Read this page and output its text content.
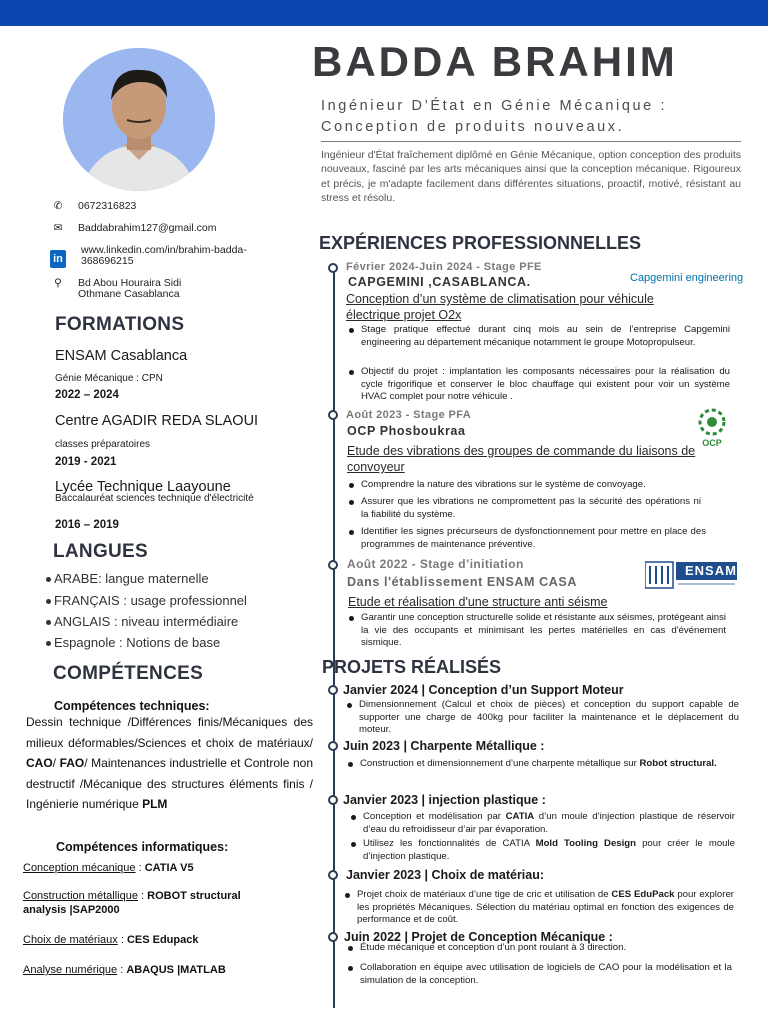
✆	0672316823
✉	Baddabrahim127@gmail.com
in
www.linkedin.com/in/brahim-badda-368696215
⚲	Bd Abou Houraira Sidi
Othmane Casablanca
FORMATIONS
ENSAM Casablanca
Génie Mécanique : CPN
2022 – 2024
Centre AGADIR REDA SLAOUI
classes préparatoires
2019 - 2021
Lycée Technique Laayoune
Baccalauréat sciences technique d'électricité
2016 – 2019
LANGUES
ARABE: langue maternelle
FRANÇAIS : usage professionnel
ANGLAIS : niveau intermédiaire
Espagnole : Notions de base
COMPÉTENCES
Compétences techniques:
Dessin technique /Différences finis/Mécaniques des milieux déformables/Sciences et choix de matériaux/ CAO/ FAO/ Maintenances industrielle et Controle non destructif /Mécanique des structures éléments finis / Ingénierie numérique PLM
Compétences informatiques:
Conception mécanique : CATIA V5
Construction métallique : ROBOT structural analysis |SAP2000
Choix de matériaux : CES Edupack
Analyse numérique : ABAQUS |MATLAB
BADDA BRAHIM
Ingénieur D’État en Génie Mécanique :
Conception de produits nouveaux.
Ingénieur d'État fraîchement diplômé en Génie Mécanique, option conception des produits nouveaux, fasciné par les arts mécaniques ainsi que la conception mécanique. Rigoureux et précis, je m'adapte facilement dans différentes situations, proactif, motivé, résistant au stress et résolu.
EXPÉRIENCES PROFESSIONNELLES
Février 2024-Juin 2024 - Stage PFE
CAPGEMINI ,CASABLANCA.	Capgemini engineering
Conception d’un système de climatisation pour véhicule électrique projet O2x
Stage pratique effectué durant cinq mois au sein de l’entreprise Capgemini engineering au département mécanique notamment le groupe Motopropulseur.
Objectif du projet : implantation les composants nécessaires pour la réalisation du cycle frigorifique et conserver le bloc chauffage qui existent pour voir un système HVAC complet pour notre véhicule .
Août 2023 - Stage PFA
OCP Phosboukraa
OCP
Etude des vibrations des groupes de commande du liaisons de convoyeur
Comprendre la nature des vibrations sur le système de convoyage.
Assurer que les vibrations ne compromettent pas la sécurité des opérations ni la fiabilité du système.
Identifier les signes précurseurs de dysfonctionnement pour mettre en place des programmes de maintenance préventive.
Août 2022 - Stage d’initiation
Dans l'établissement ENSAM CASA
ENSAM
Etude et réalisation d'une structure anti séisme
Garantir une conception structurelle solide et résistante aux séismes, protégeant ainsi la vie des occupants et minimisant les pertes matérielles en cas d'événement sismique.
PROJETS RÉALISÉS
Janvier 2024 | Conception d’un Support Moteur
Dimensionnement (Calcul et choix de pièces) et conception du support capable de supporter une charge de 400kg pour faciliter la maintenance et le déplacement du moteur.
Juin 2023 | Charpente Métallique :
Construction et dimensionnement d’une charpente métallique sur Robot structural.
Janvier 2023 | injection plastique :
Conception et modélisation par CATIA d’un moule d’injection plastique de réservoir d’eau du refroidisseur d’air par évaporation.
Utilisez les fonctionnalités de CATIA Mold Tooling Design pour créer le moule d’injection plastique.
Janvier 2023 | Choix de matériau:
Projet choix de matériaux d’une tige de cric et utilisation de CES EduPack pour explorer les propriétés Mécaniques. Sélection du matériau optimal en fonction des exigences de performance et de coût.
Juin 2022 | Projet de Conception Mécanique :
Étude mécanique et conception d’un pont roulant à 3 direction.
Collaboration en équipe avec utilisation de logiciels de CAO pour la modélisation et la simulation de la conception.
